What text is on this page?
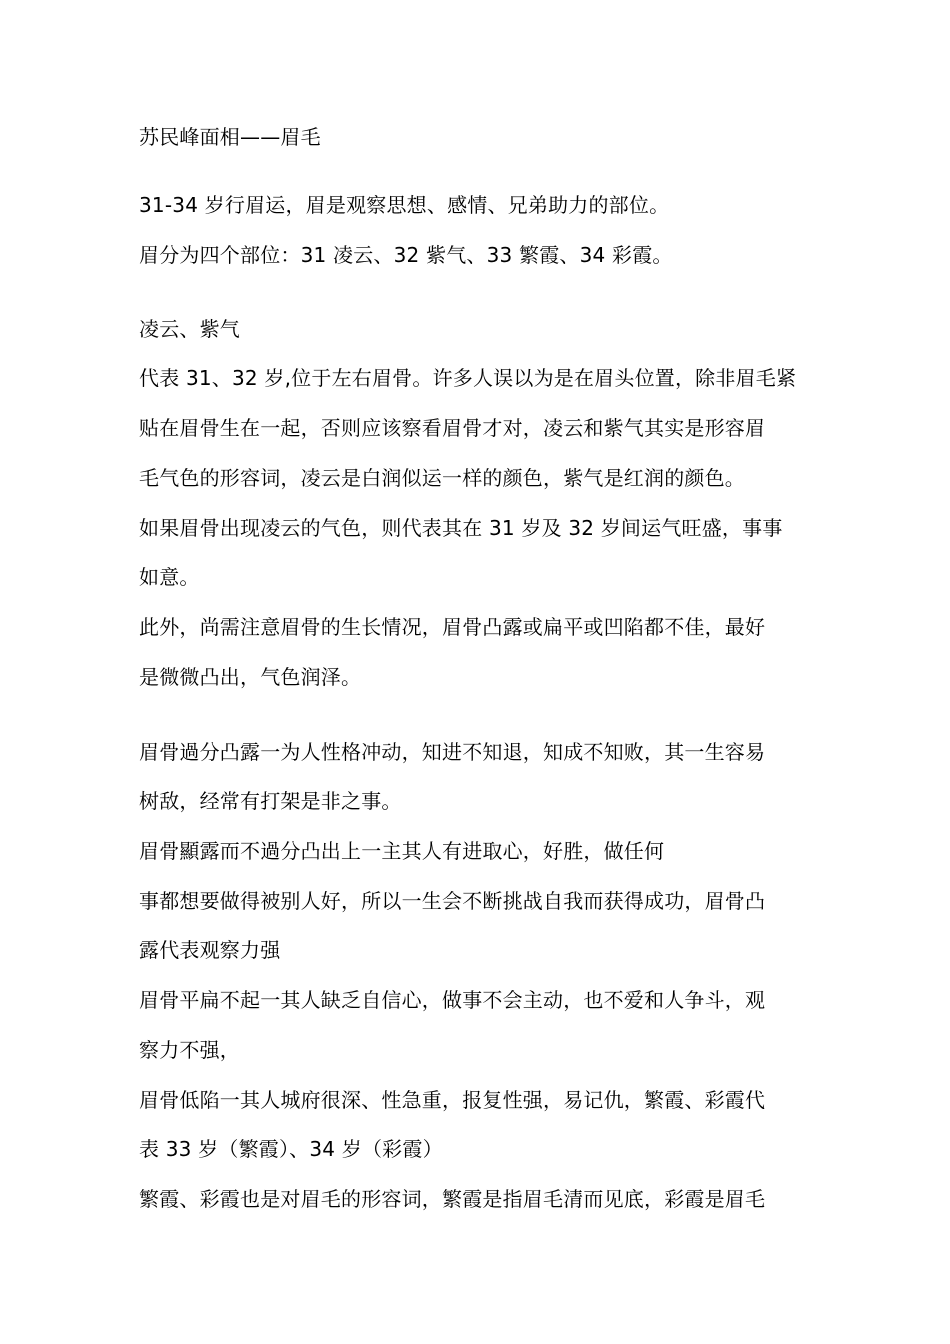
苏民峰面相——眉毛
31-34 岁行眉运，眉是观察思想、感情、兄弟助力的部位。
眉分为四个部位：31 凌云、32 紫气、33 繁霞、34 彩霞。
凌云、紫气
代表 31、32 岁,位于左右眉骨。许多人误以为是在眉头位置，除非眉毛紧
贴在眉骨生在一起，否则应该察看眉骨才对，凌云和紫气其实是形容眉
毛气色的形容词，凌云是白润似运一样的颜色，紫气是红润的颜色。
如果眉骨出现凌云的气色，则代表其在 31 岁及 32 岁间运气旺盛，事事
如意。
此外，尚需注意眉骨的生长情况，眉骨凸露或扁平或凹陷都不佳，最好
是微微凸出，气色润泽。
眉骨過分凸露一为人性格冲动，知进不知退，知成不知败，其一生容易
树敌，经常有打架是非之事。
眉骨顯露而不過分凸出上一主其人有进取心，好胜，做任何
事都想要做得被别人好，所以一生会不断挑战自我而获得成功，眉骨凸
露代表观察力强
眉骨平扁不起一其人缺乏自信心，做事不会主动，也不爱和人争斗，观
察力不强，
眉骨低陷一其人城府很深、性急重，报复性强，易记仇，繁霞、彩霞代
表 33 岁（繁霞）、34 岁（彩霞）
繁霞、彩霞也是对眉毛的形容词，繁霞是指眉毛清而见底，彩霞是眉毛
